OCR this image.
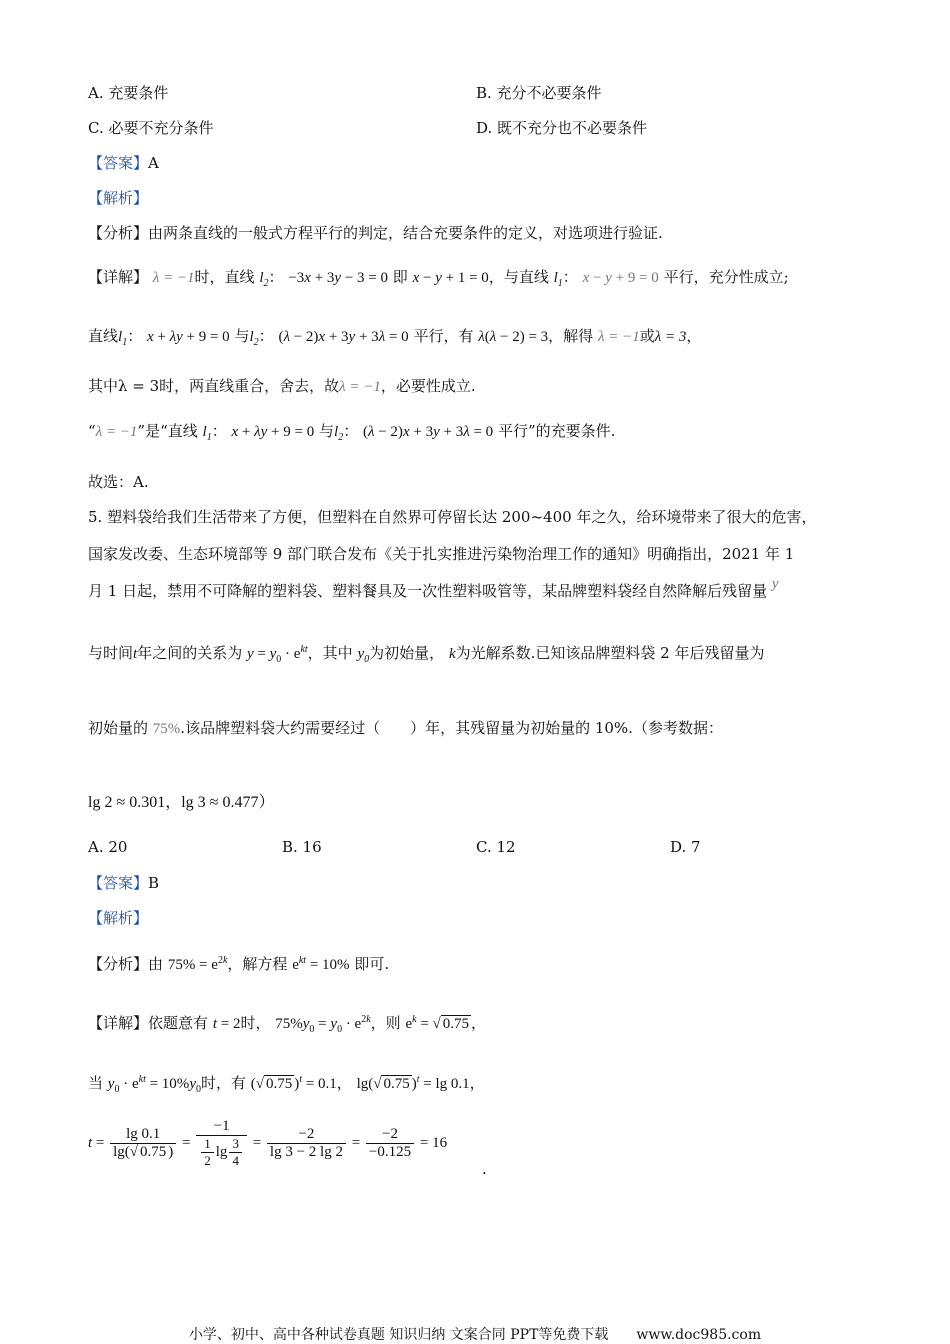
A. 充要条件	B. 充分不必要条件
C. 必要不充分条件	D. 既不充分也不必要条件
【答案】A
【解析】
【分析】由两条直线的一般式方程平行的判定，结合充要条件的定义，对选项进行验证.
【详解】 λ = −1时，直线 $l_2$： −3x + 3y − 3 = 0 即 x − y + 1 = 0，与直线 $l_1$： x − y + 9 = 0 平行，充分性成立;
直线$l_1$： x + λy + 9 = 0 与$l_2$： (λ − 2)x + 3y + 3λ = 0 平行，有 λ(λ − 2) = 3，解得 λ = −1或λ = 3，
其中λ = 3时，两直线重合，舍去，故λ = −1，必要性成立.
“λ = −1”是“直线 $l_1$： x + λy + 9 = 0 与$l_2$： (λ − 2)x + 3y + 3λ = 0 平行”的充要条件.
故选：A.
5. 塑料袋给我们生活带来了方便，但塑料在自然界可停留长达 200~400 年之久，给环境带来了很大的危害，
国家发改委、生态环境部等 9 部门联合发布《关于扎实推进污染物治理工作的通知》明确指出，2021 年 1
月 1 日起，禁用不可降解的塑料袋、塑料餐具及一次性塑料吸管等，某品牌塑料袋经自然降解后残留量 y
与时间t年之间的关系为 $y = y_0 \cdot e^{kt}$，其中 $y_0$为初始量， k为光解系数.已知该品牌塑料袋 2 年后残留量为
初始量的 75%.该品牌塑料袋大约需要经过（　　）年，其残留量为初始量的 10%.（参考数据：
lg 2 ≈ 0.301，lg 3 ≈ 0.477）
A. 20	B. 16	C. 12	D. 7
【答案】B
【解析】
【分析】由 $75\% = e^{2k}$，解方程 $e^{kt} = 10\%$ 即可.
【详解】依题意有 t = 2时， $75\%y_0 = y_0 \cdot e^{2k}$，则 $e^k$ = √ 0.75 ，
当 $y_0 \cdot e^{kt} = 10\%y_0$时，有 (√ 0.75 )$^t$ = 0.1， lg(√ 0.75 )$^t$ = lg 0.1，
$t = \frac{\lg 0.1}{\lg(√ 0.75 )} = \frac{-1}{\frac{1}{2} \lg \frac{3}{4}} = \frac{-2}{\lg 3 - 2 \lg 2} = \frac{-2}{-0.125} = 16$
.
小学、初中、高中各种试卷真题 知识归纳 文案合同 PPT等免费下载　　www.doc985.com
